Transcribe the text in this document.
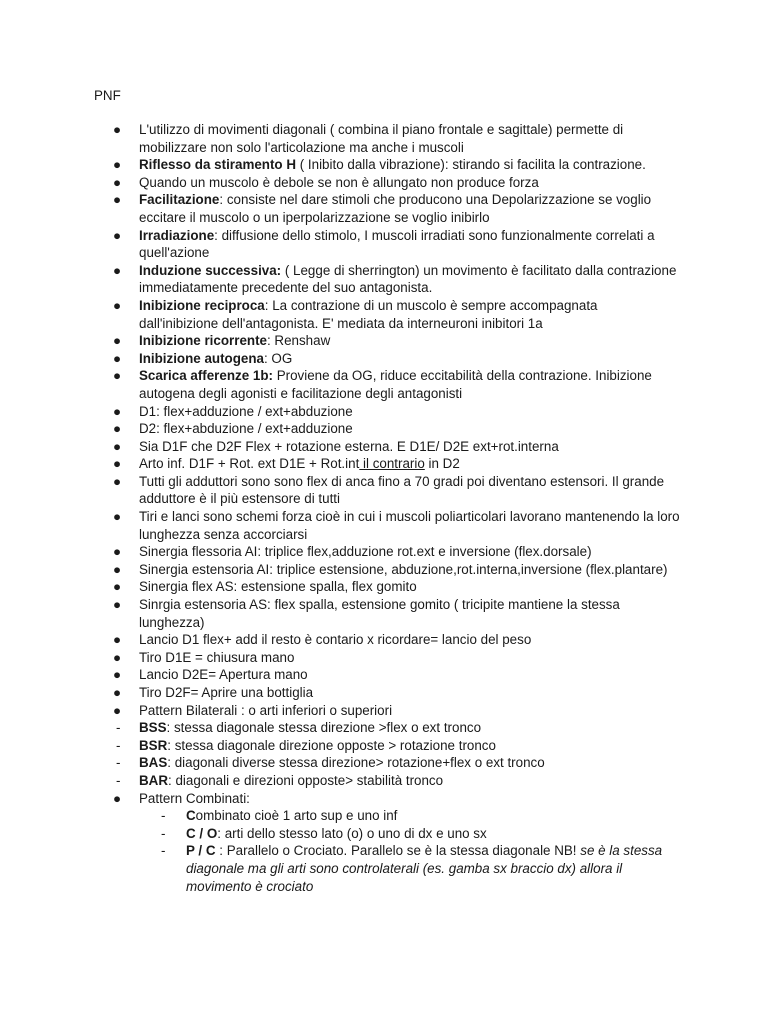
PNF

●	L'utilizzo di movimenti diagonali ( combina il piano frontale e sagittale) permette di mobilizzare non solo l'articolazione ma anche i muscoli
●	Riflesso da stiramento H ( Inibito dalla vibrazione): stirando si facilita la contrazione.
●	Quando un muscolo è debole se non è allungato non produce forza
●	Facilitazione: consiste nel dare stimoli che producono una Depolarizzazione se voglio eccitare il muscolo o un iperpolarizzazione se voglio inibirlo
●	Irradiazione: diffusione dello stimolo, I muscoli irradiati sono funzionalmente correlati a quell'azione
●	Induzione successiva: ( Legge di sherrington) un movimento è facilitato dalla contrazione immediatamente precedente del suo antagonista.
●	Inibizione reciproca: La contrazione di un muscolo è sempre accompagnata dall'inibizione dell'antagonista. E' mediata da interneuroni inibitori 1a
●	Inibizione ricorrente: Renshaw
●	Inibizione autogena: OG
●	Scarica afferenze 1b: Proviene da OG, riduce eccitabilità della contrazione. Inibizione autogena degli agonisti e facilitazione degli antagonisti
●	D1: flex+adduzione / ext+abduzione
●	D2: flex+abduzione / ext+adduzione
●	Sia D1F che D2F Flex + rotazione esterna. E D1E/ D2E ext+rot.interna
●	Arto inf. D1F + Rot. ext D1E + Rot.int il contrario in D2
●	Tutti gli adduttori sono sono flex di anca fino a 70 gradi poi diventano estensori. Il grande adduttore è il più estensore di tutti
●	Tiri e lanci sono schemi forza cioè in cui i muscoli poliarticolari lavorano mantenendo la loro lunghezza senza accorciarsi
●	Sinergia flessoria AI: triplice flex,adduzione rot.ext e inversione (flex.dorsale)
●	Sinergia estensoria AI: triplice estensione, abduzione,rot.interna,inversione (flex.plantare)
●	Sinergia flex AS: estensione spalla, flex gomito
●	Sinrgia estensoria AS: flex spalla, estensione gomito ( tricipite mantiene la stessa lunghezza)
●	Lancio D1 flex+ add il resto è contario x ricordare= lancio del peso
●	Tiro D1E = chiusura mano
●	Lancio D2E= Apertura mano
●	Tiro D2F= Aprire una bottiglia
●	Pattern Bilaterali : o arti inferiori o superiori
-	BSS: stessa diagonale stessa direzione >flex o ext tronco
-	BSR: stessa diagonale direzione opposte > rotazione tronco
-	BAS: diagonali diverse stessa direzione> rotazione+flex o ext tronco
-	BAR: diagonali e direzioni opposte> stabilità tronco
●	Pattern Combinati:
-	Combinato cioè 1 arto sup e uno inf
-	C / O: arti dello stesso lato (o) o uno di dx e uno sx
-	P / C : Parallelo o Crociato. Parallelo se è la stessa diagonale NB! se è la stessa diagonale ma gli arti sono controlaterali (es. gamba sx braccio dx) allora il movimento è crociato
